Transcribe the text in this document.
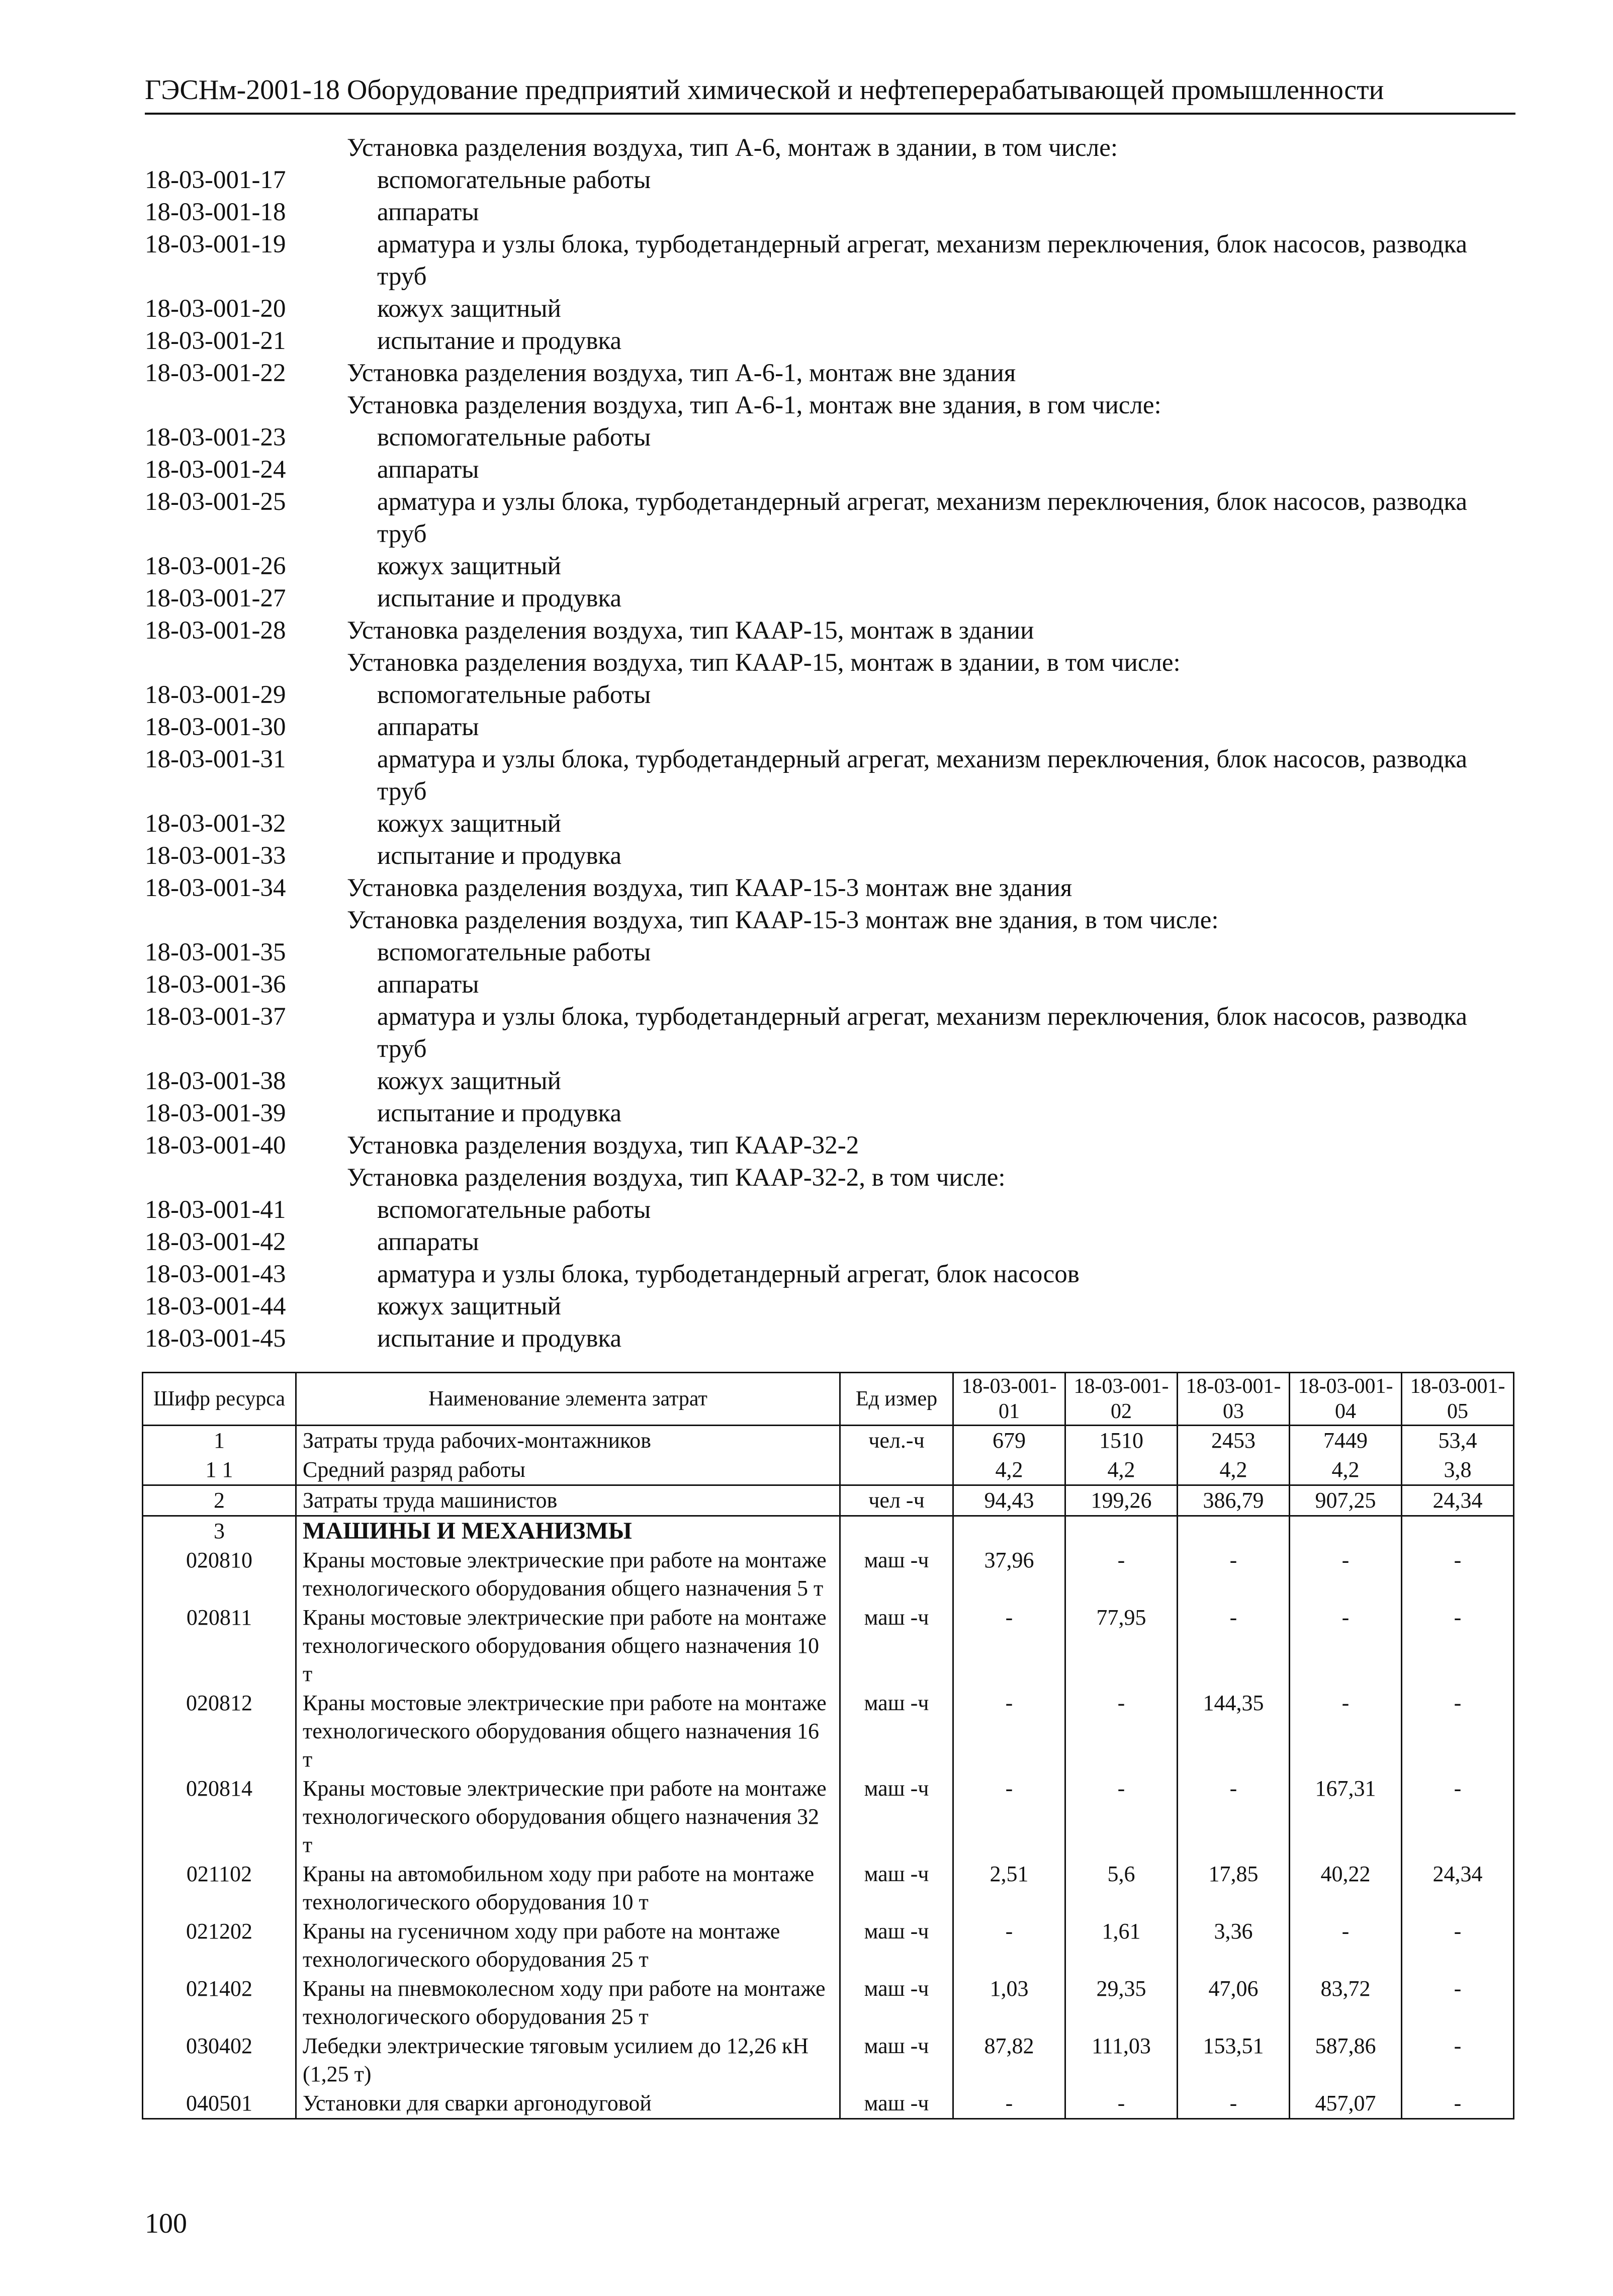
ГЭСНм-2001-18 Оборудование предприятий химической и нефтеперерабатывающей промышленности
Установка разделения воздуха, тип А-6, монтаж в здании, в том числе:
18-03-001-17	вспомогательные работы
18-03-001-18	аппараты
18-03-001-19	арматура и узлы блока, турбодетандерный агрегат, механизм переключения, блок насосов, разводка труб
18-03-001-20	кожух защитный
18-03-001-21	испытание и продувка
18-03-001-22	Установка разделения воздуха, тип А-6-1, монтаж вне здания
Установка разделения воздуха, тип А-6-1, монтаж вне здания, в гом числе:
18-03-001-23	вспомогательные работы
18-03-001-24	аппараты
18-03-001-25	арматура и узлы блока, турбодетандерный агрегат, механизм переключения, блок насосов, разводка труб
18-03-001-26	кожух защитный
18-03-001-27	испытание и продувка
18-03-001-28	Установка разделения воздуха, тип КААР-15, монтаж в здании
Установка разделения воздуха, тип КААР-15, монтаж в здании, в том числе:
18-03-001-29	вспомогательные работы
18-03-001-30	аппараты
18-03-001-31	арматура и узлы блока, турбодетандерный агрегат, механизм переключения, блок насосов, разводка труб
18-03-001-32	кожух защитный
18-03-001-33	испытание и продувка
18-03-001-34	Установка разделения воздуха, тип КААР-15-3 монтаж вне здания
Установка разделения воздуха, тип КААР-15-3 монтаж вне здания, в том числе:
18-03-001-35	вспомогательные работы
18-03-001-36	аппараты
18-03-001-37	арматура и узлы блока, турбодетандерный агрегат, механизм переключения, блок насосов, разводка труб
18-03-001-38	кожух защитный
18-03-001-39	испытание и продувка
18-03-001-40	Установка разделения воздуха, тип КААР-32-2
Установка разделения воздуха, тип КААР-32-2, в том числе:
18-03-001-41	вспомогательные работы
18-03-001-42	аппараты
18-03-001-43	арматура и узлы блока, турбодетандерный агрегат, блок насосов
18-03-001-44	кожух защитный
18-03-001-45	испытание и продувка
Шифр ресурса	Наименование элемента затрат	Ед измер	18-03-001-01	18-03-001-02	18-03-001-03	18-03-001-04	18-03-001-05
1	Затраты труда рабочих-монтажников	чел.-ч	679	1510	2453	7449	53,4
1 1	Средний разряд работы		4,2	4,2	4,2	4,2	3,8
2	Затраты труда машинистов	чел -ч	94,43	199,26	386,79	907,25	24,34
3	МАШИНЫ И МЕХАНИЗМЫ						
020810	Краны мостовые электрические при работе на монтаже технологического оборудования общего назначения 5 т	маш -ч	37,96	-	-	-	-
020811	Краны мостовые электрические при работе на монтаже технологического оборудования общего назначения 10 т	маш -ч	-	77,95	-	-	-
020812	Краны мостовые электрические при работе на монтаже технологического оборудования общего назначения 16 т	маш -ч	-	-	144,35	-	-
020814	Краны мостовые электрические при работе на монтаже технологического оборудования общего назначения 32 т	маш -ч	-	-	-	167,31	-
021102	Краны на автомобильном ходу при работе на монтаже технологического оборудования 10 т	маш -ч	2,51	5,6	17,85	40,22	24,34
021202	Краны на гусеничном ходу при работе на монтаже технологического оборудования 25 т	маш -ч	-	1,61	3,36	-	-
021402	Краны на пневмоколесном ходу при работе на монтаже технологического оборудования 25 т	маш -ч	1,03	29,35	47,06	83,72	-
030402	Лебедки электрические тяговым усилием до 12,26 кН (1,25 т)	маш -ч	87,82	111,03	153,51	587,86	-
040501	Установки для сварки аргонодуговой	маш -ч	-	-	-	457,07	-
100
